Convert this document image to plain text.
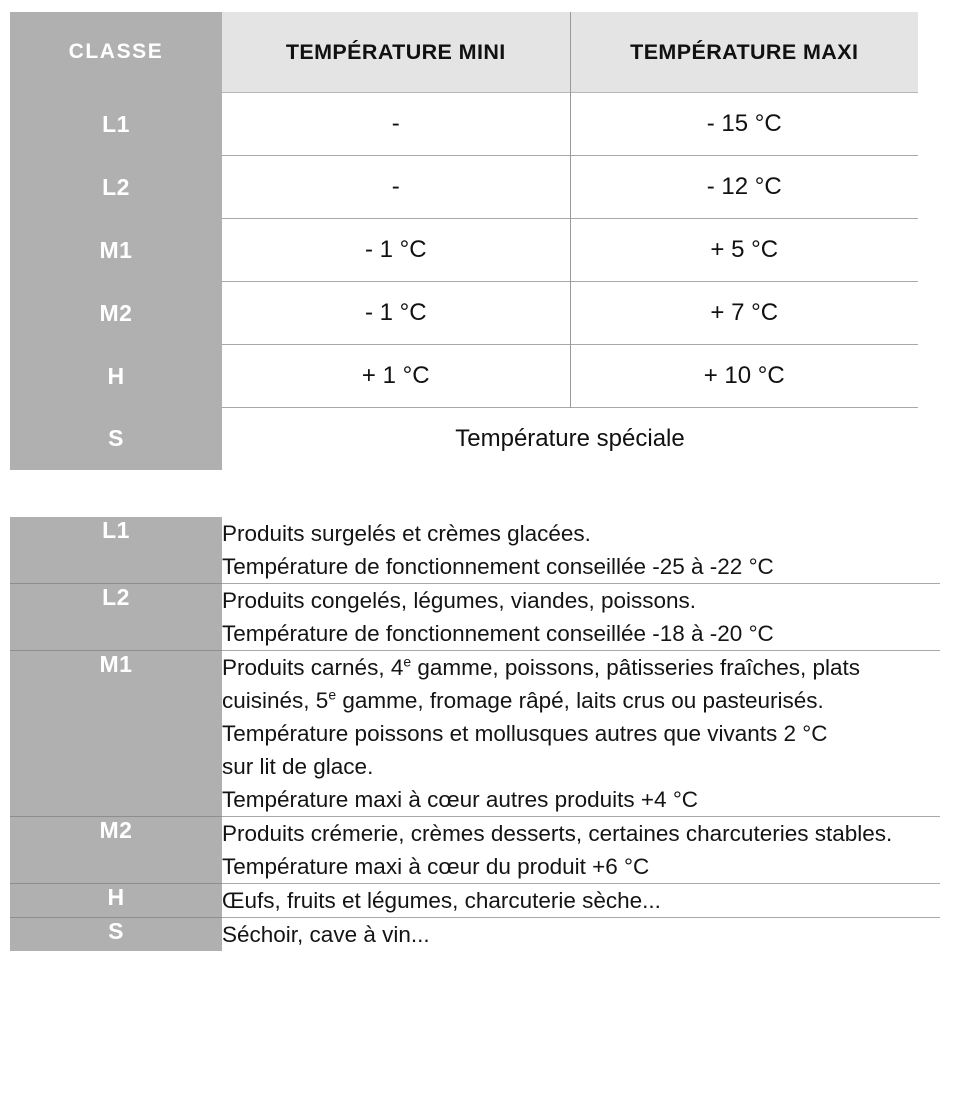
CLASSE	TEMPÉRATURE MINI	TEMPÉRATURE MAXI
L1	-	- 15 °C
L2	-	- 12 °C
M1	- 1 °C	+ 5 °C
M2	- 1 °C	+ 7 °C
H	+ 1 °C	+ 10 °C
S	Température spéciale	
L1	Produits surgelés et crèmes glacées.
Température de fonctionnement conseillée -25 à -22 °C

L2	Produits congelés, légumes, viandes, poissons.
Température de fonctionnement conseillée -18 à -20 °C

M1	Produits carnés, 4e gamme, poissons, pâtisseries fraîches, plats
cuisinés, 5e gamme, fromage râpé, laits crus ou pasteurisés.
Température poissons et mollusques autres que vivants 2 °C
sur lit de glace.
Température maxi à cœur autres produits +4 °C

M2	Produits crémerie, crèmes desserts, certaines charcuteries stables.
Température maxi à cœur du produit +6 °C

H	Œufs, fruits et légumes, charcuterie sèche...

S	Séchoir, cave à vin...
